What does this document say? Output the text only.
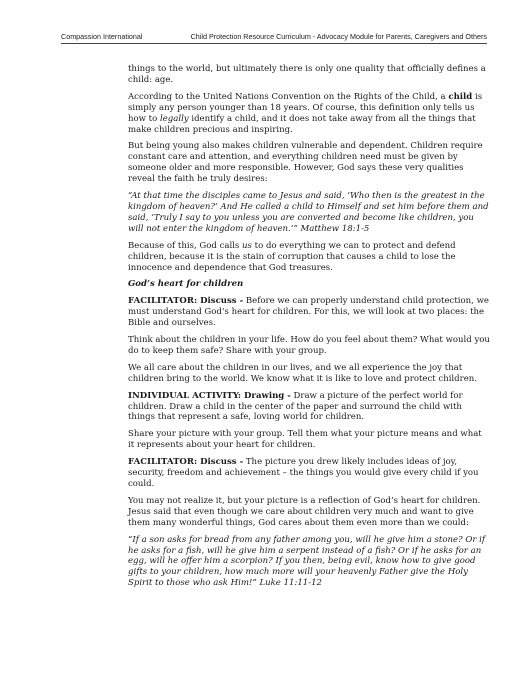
Compassion International	Child Protection Resource Curriculum - Advocacy Module for Parents, Caregivers and Others

things to the world, but ultimately there is only one quality that officially defines a child: age.

According to the United Nations Convention on the Rights of the Child, a child is simply any person younger than 18 years. Of course, this definition only tells us how to legally identify a child, and it does not take away from all the things that make children precious and inspiring.

But being young also makes children vulnerable and dependent. Children require constant care and attention, and everything children need must be given by someone older and more responsible. However, God says these very qualities reveal the faith he truly desires:

“At that time the disciples came to Jesus and said, ‘Who then is the greatest in the kingdom of heaven?’ And He called a child to Himself and set him before them and said, ‘Truly I say to you unless you are converted and become like children, you will not enter the kingdom of heaven.’” Matthew 18:1-5

Because of this, God calls us to do everything we can to protect and defend children, because it is the stain of corruption that causes a child to lose the innocence and dependence that God treasures.

God’s heart for children

FACILITATOR: Discuss - Before we can properly understand child protection, we must understand God’s heart for children. For this, we will look at two places: the Bible and ourselves.

Think about the children in your life. How do you feel about them? What would you do to keep them safe? Share with your group.

We all care about the children in our lives, and we all experience the joy that children bring to the world. We know what it is like to love and protect children.

INDIVIDUAL ACTIVITY: Drawing - Draw a picture of the perfect world for children. Draw a child in the center of the paper and surround the child with things that represent a safe, loving world for children.

Share your picture with your group. Tell them what your picture means and what it represents about your heart for children.

FACILITATOR: Discuss - The picture you drew likely includes ideas of joy, security, freedom and achievement – the things you would give every child if you could.

You may not realize it, but your picture is a reflection of God’s heart for children. Jesus said that even though we care about children very much and want to give them many wonderful things, God cares about them even more than we could:

“If a son asks for bread from any father among you, will he give him a stone? Or if he asks for a fish, will he give him a serpent instead of a fish? Or if he asks for an egg, will he offer him a scorpion? If you then, being evil, know how to give good gifts to your children, how much more will your heavenly Father give the Holy Spirit to those who ask Him!” Luke 11:11-12
